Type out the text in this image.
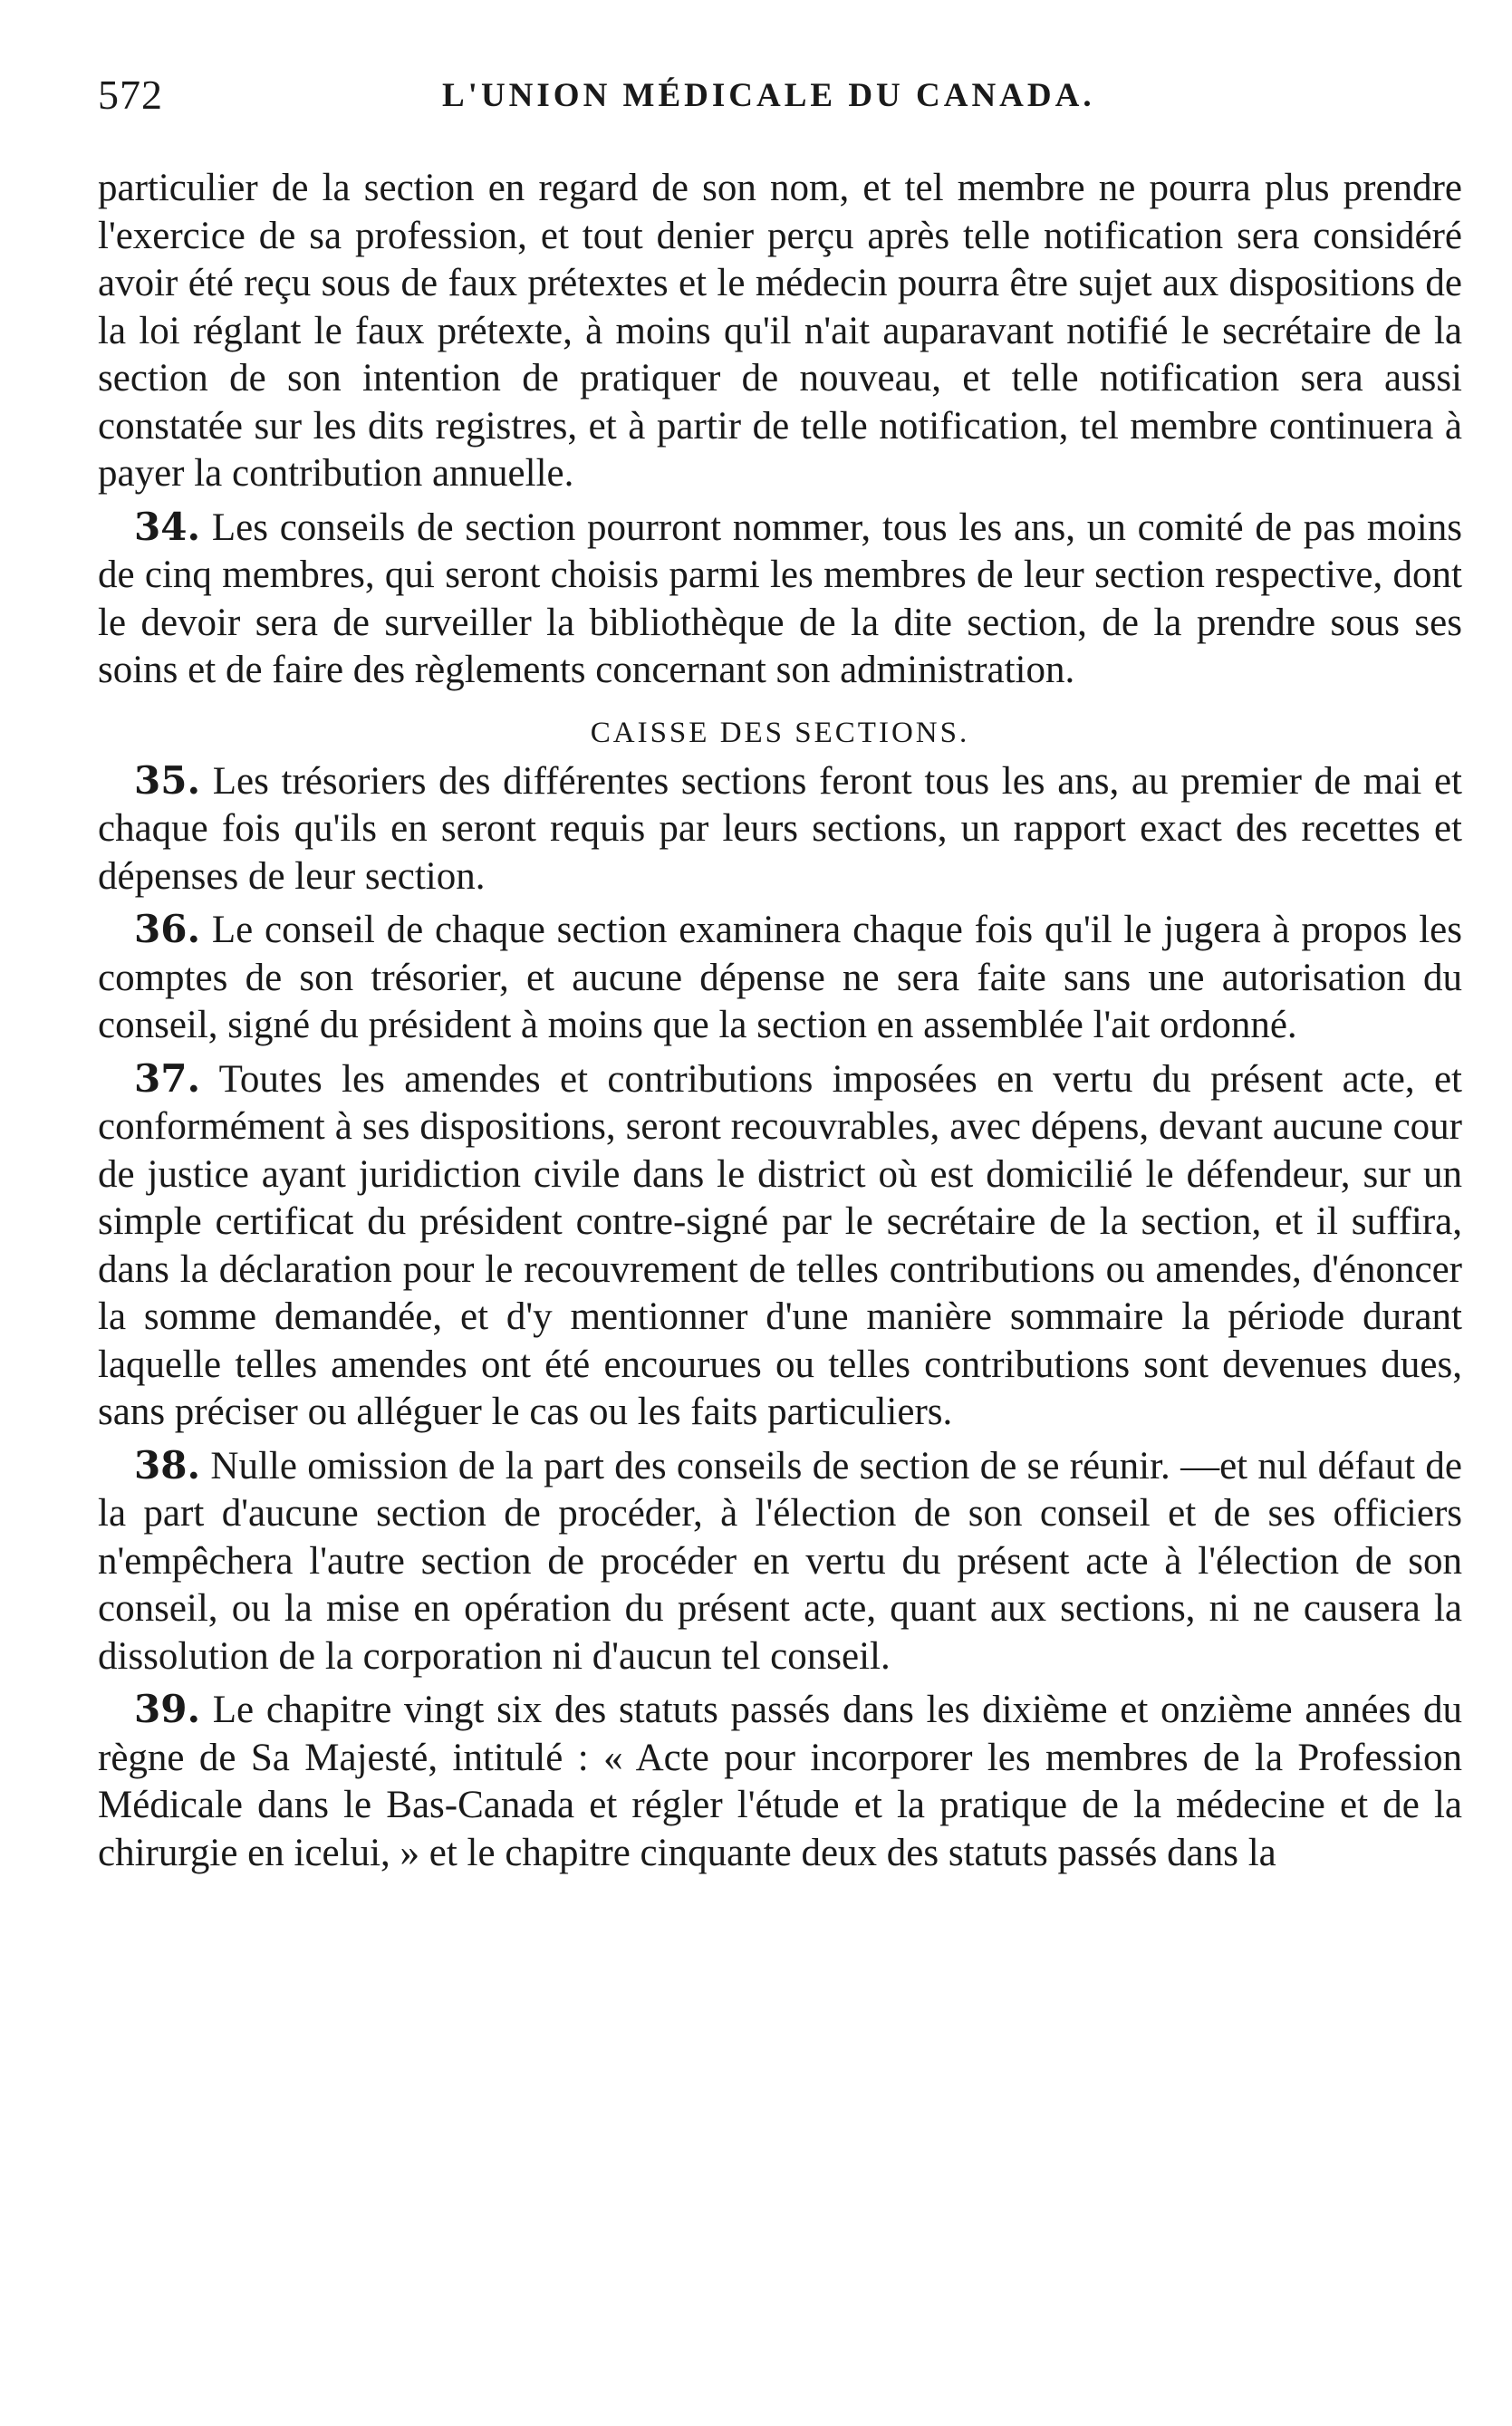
572	L'UNION MÉDICALE DU CANADA.

particulier de la section en regard de son nom, et tel membre ne pourra plus prendre l'exercice de sa profession, et tout denier perçu après telle notification sera considéré avoir été reçu sous de faux prétextes et le médecin pourra être sujet aux dispositions de la loi réglant le faux prétexte, à moins qu'il n'ait auparavant notifié le secrétaire de la section de son intention de pratiquer de nouveau, et telle notification sera aussi constatée sur les dits registres, et à partir de telle notification, tel membre continuera à payer la contribution annuelle.

34. Les conseils de section pourront nommer, tous les ans, un comité de pas moins de cinq membres, qui seront choisis parmi les membres de leur section respective, dont le devoir sera de surveiller la bibliothèque de la dite section, de la prendre sous ses soins et de faire des règlements concernant son administration.

CAISSE DES SECTIONS.

35. Les trésoriers des différentes sections feront tous les ans, au premier de mai et chaque fois qu'ils en seront requis par leurs sections, un rapport exact des recettes et dépenses de leur section.

36. Le conseil de chaque section examinera chaque fois qu'il le jugera à propos les comptes de son trésorier, et aucune dépense ne sera faite sans une autorisation du conseil, signé du président à moins que la section en assemblée l'ait ordonné.

37. Toutes les amendes et contributions imposées en vertu du présent acte, et conformément à ses dispositions, seront recouvrables, avec dépens, devant aucune cour de justice ayant juridiction civile dans le district où est domicilié le défendeur, sur un simple certificat du président contre-signé par le secrétaire de la section, et il suffira, dans la déclaration pour le recouvrement de telles contributions ou amendes, d'énoncer la somme demandée, et d'y mentionner d'une manière sommaire la période durant laquelle telles amendes ont été encourues ou telles contributions sont devenues dues, sans préciser ou alléguer le cas ou les faits particuliers.

38. Nulle omission de la part des conseils de section de se réunir. —et nul défaut de la part d'aucune section de procéder, à l'élection de son conseil et de ses officiers n'empêchera l'autre section de procéder en vertu du présent acte à l'élection de son conseil, ou la mise en opération du présent acte, quant aux sections, ni ne causera la dissolution de la corporation ni d'aucun tel conseil.

39. Le chapitre vingt six des statuts passés dans les dixième et onzième années du règne de Sa Majesté, intitulé : « Acte pour incorporer les membres de la Profession Médicale dans le Bas-Canada et régler l'étude et la pratique de la médecine et de la chirurgie en icelui, » et le chapitre cinquante deux des statuts passés dans la
